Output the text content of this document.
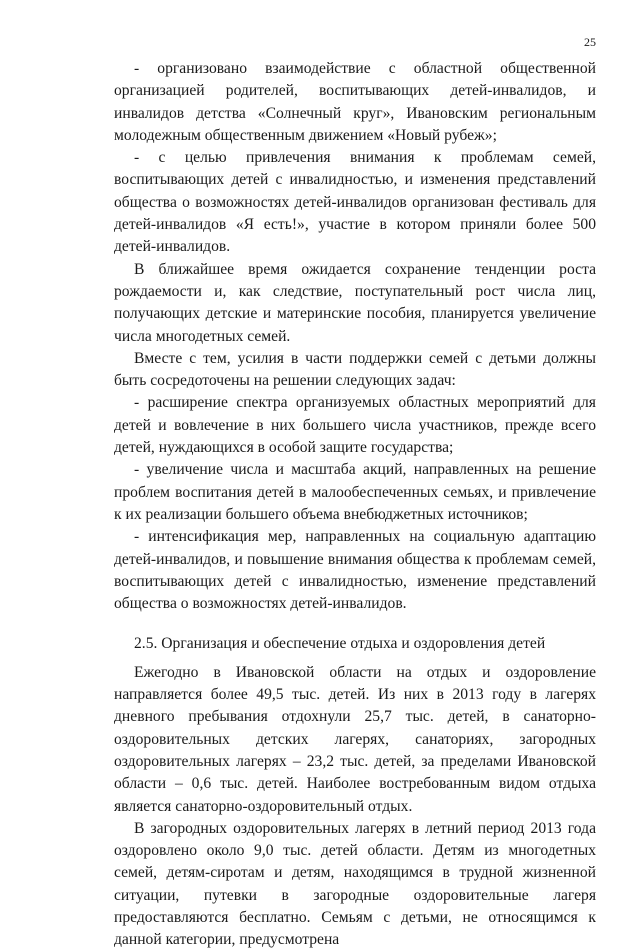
25

- организовано взаимодействие с областной общественной организацией родителей, воспитывающих детей-инвалидов, и инвалидов детства «Солнечный круг», Ивановским региональным молодежным общественным движением «Новый рубеж»;

- с целью привлечения внимания к проблемам семей, воспитывающих детей с инвалидностью, и изменения представлений общества о возможностях детей-инвалидов организован фестиваль для детей-инвалидов «Я есть!», участие в котором приняли более 500 детей-инвалидов.

В ближайшее время ожидается сохранение тенденции роста рождаемости и, как следствие, поступательный рост числа лиц, получающих детские и материнские пособия, планируется увеличение числа многодетных семей.

Вместе с тем, усилия в части поддержки семей с детьми должны быть сосредоточены на решении следующих задач:

- расширение спектра организуемых областных мероприятий для детей и вовлечение в них большего числа участников, прежде всего детей, нуждающихся в особой защите государства;

- увеличение числа и масштаба акций, направленных на решение проблем воспитания детей в малообеспеченных семьях, и привлечение к их реализации большего объема внебюджетных источников;

- интенсификация мер, направленных на социальную адаптацию детей-инвалидов, и повышение внимания общества к проблемам семей, воспитывающих детей с инвалидностью, изменение представлений общества о возможностях детей-инвалидов.

2.5. Организация и обеспечение отдыха и оздоровления детей

Ежегодно в Ивановской области на отдых и оздоровление направляется более 49,5 тыс. детей. Из них в 2013 году в лагерях дневного пребывания отдохнули 25,7 тыс. детей, в санаторно-оздоровительных детских лагерях, санаториях, загородных оздоровительных лагерях – 23,2 тыс. детей, за пределами Ивановской области – 0,6 тыс. детей. Наиболее востребованным видом отдыха является санаторно-оздоровительный отдых.

В загородных оздоровительных лагерях в летний период 2013 года оздоровлено около 9,0 тыс. детей области. Детям из многодетных семей, детям-сиротам и детям, находящимся в трудной жизненной ситуации, путевки в загородные оздоровительные лагеря предоставляются бесплатно. Семьям с детьми, не относящимся к данной категории, предусмотрена
